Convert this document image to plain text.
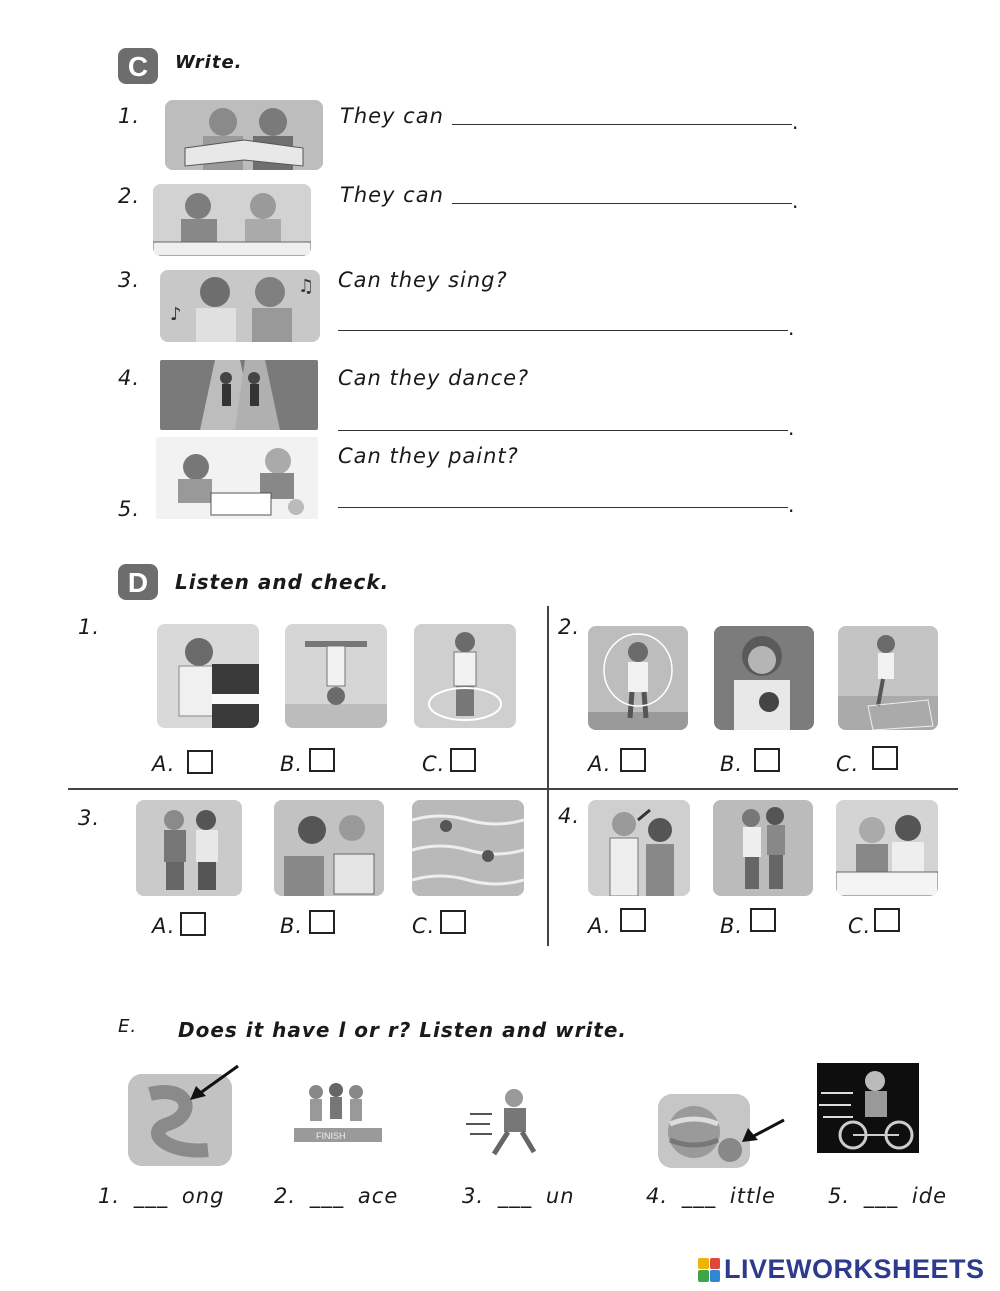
C	Write.
1.	They can	.
2.	They can	.
3.
♪
♫ Can they sing?
.
4.	Can they dance?
.
5.
Can they paint?
.
D	Listen and check.
1.
A.	B.	C.
2.
A.	B.	C.
3.
A.	B.	C.
4.
A.	B.	C.
E. Does it have l or r? Listen and write.
FINISH
1. ___ ong 2. ___ ace	3. ___ un	4. ___ ittle 5. ___ ide
LIVEWORKSHEETS
